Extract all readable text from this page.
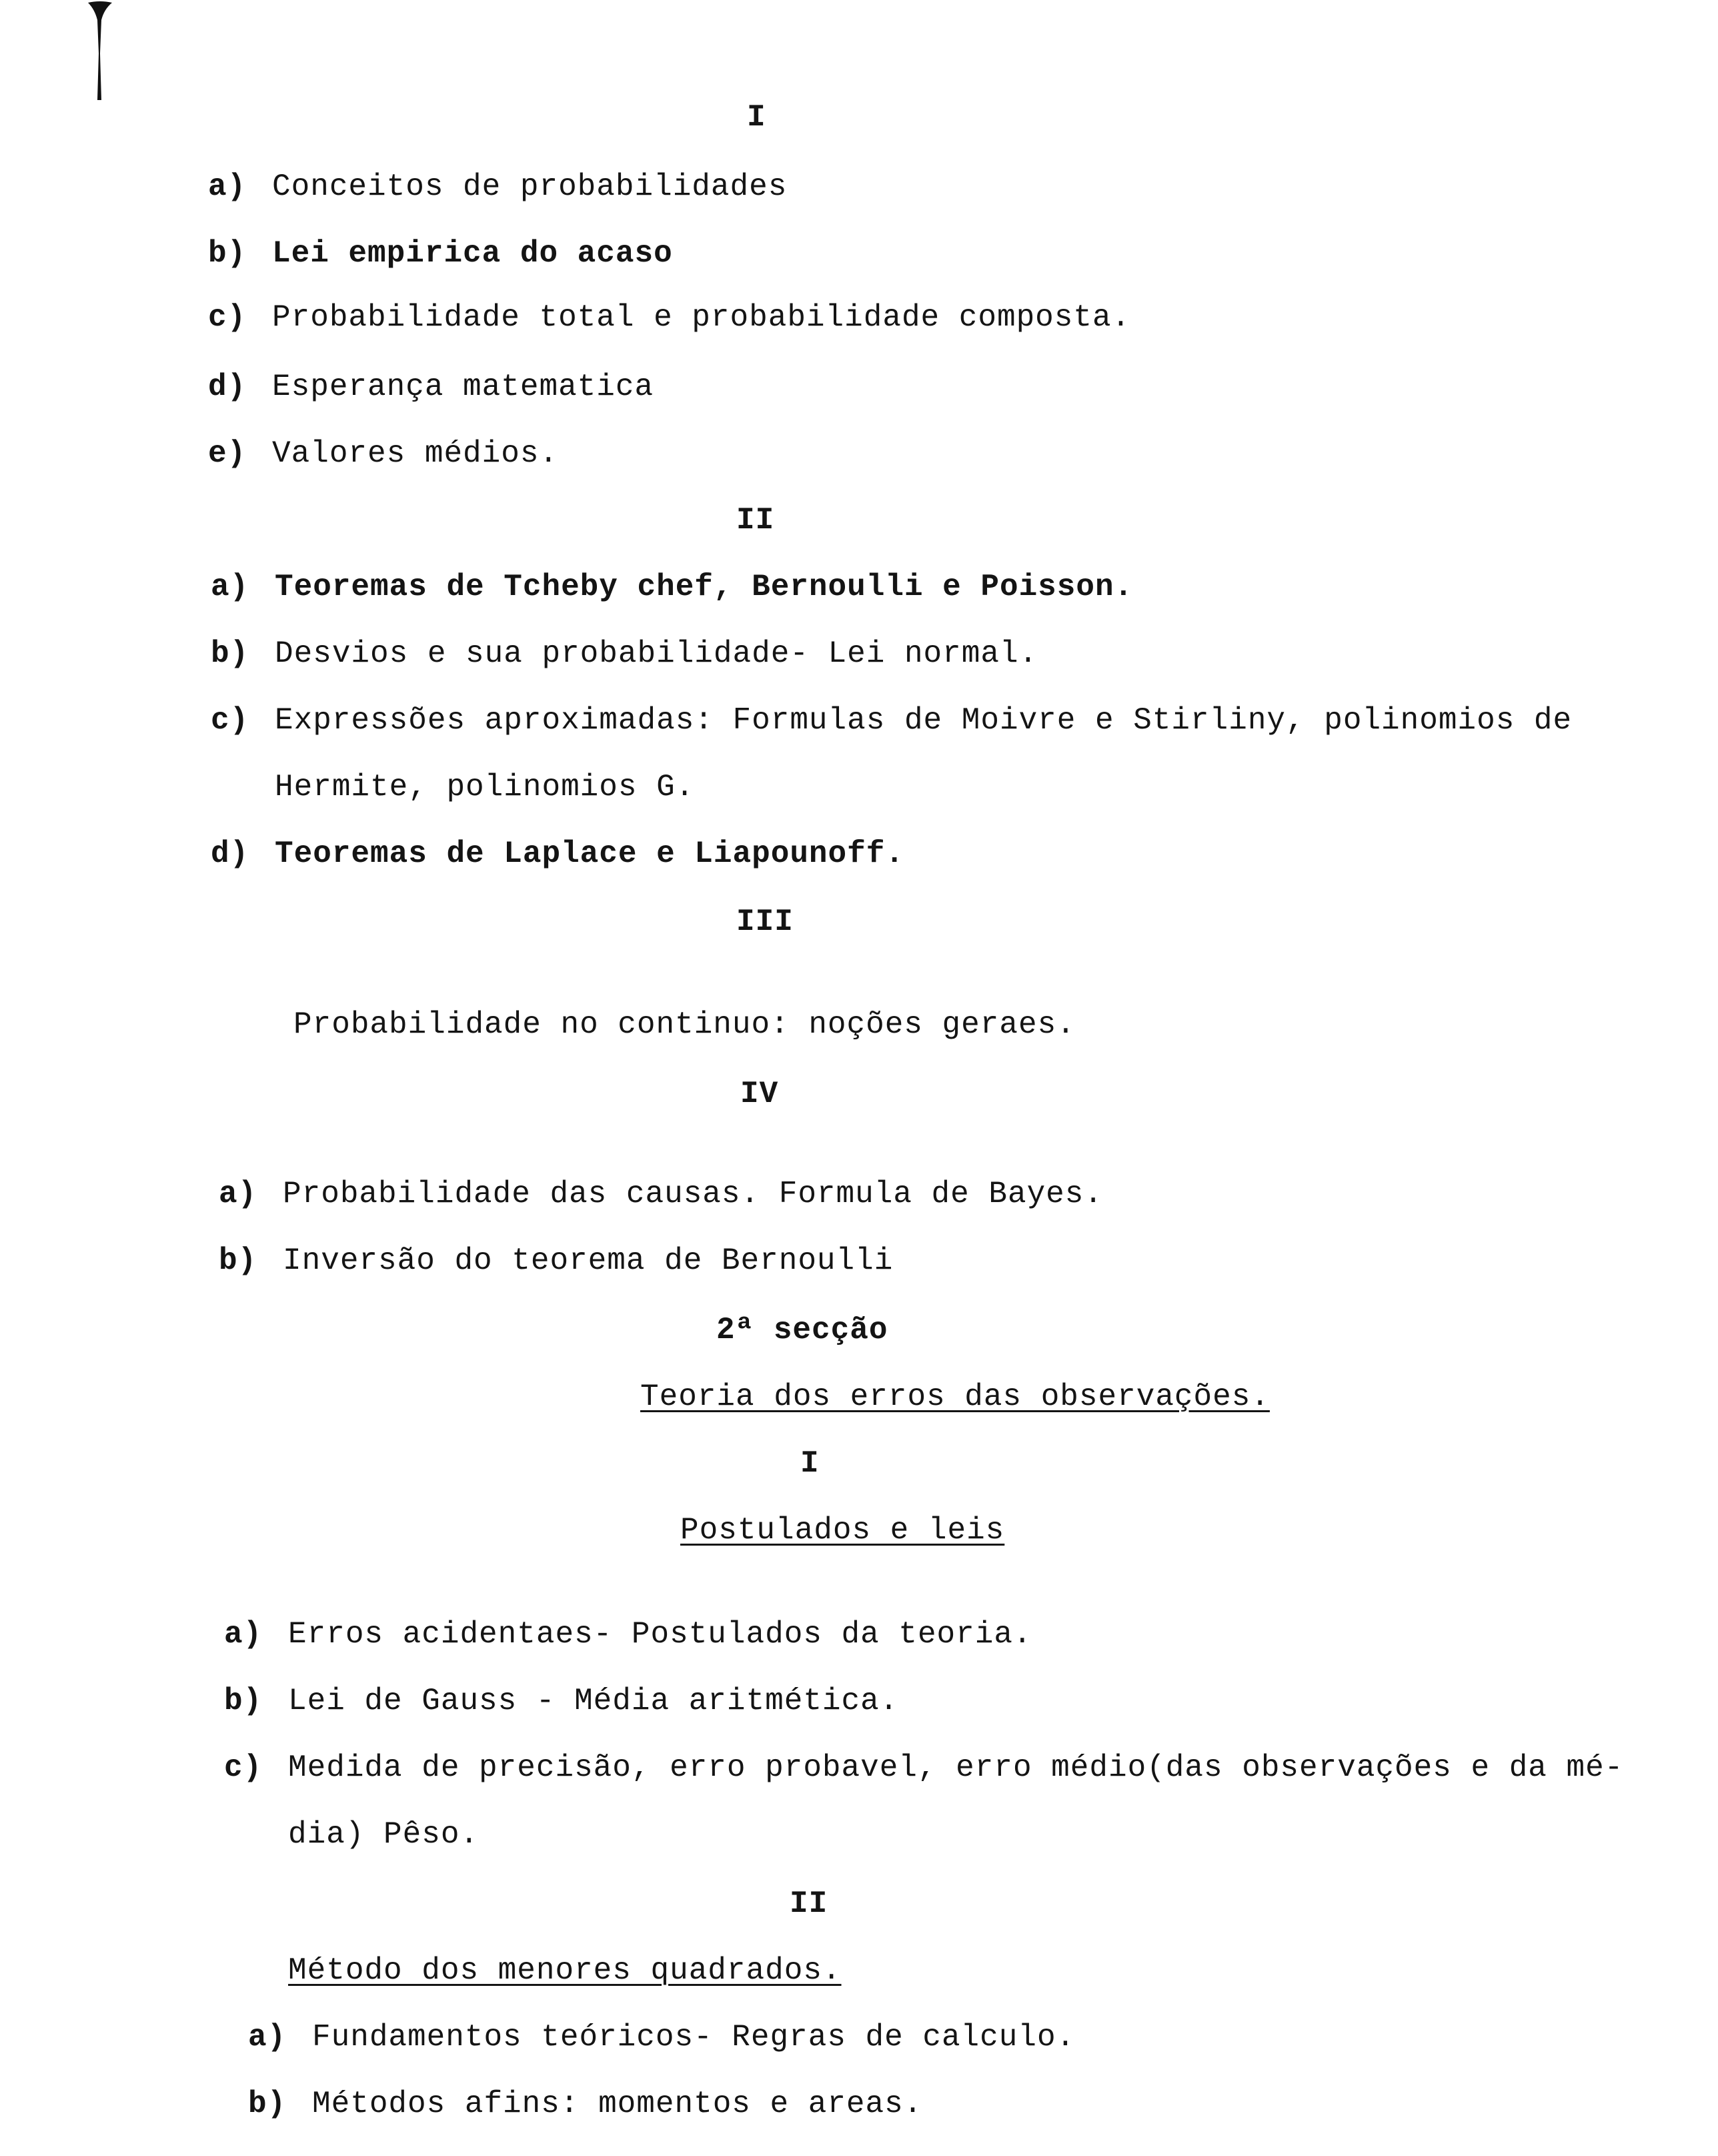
I
a) Conceitos de probabilidades
b) Lei empirica do acaso
c) Probabilidade total e probabilidade composta.
d) Esperança matematica
e) Valores médios.
II
a) Teoremas de Tcheby chef, Bernoulli e Poisson.
b) Desvios e sua probabilidade- Lei normal.
c) Expressões aproximadas: Formulas de Moivre e Stirliny, polinomios de
Hermite, polinomios G.
d) Teoremas de Laplace e Liapounoff.
III
Probabilidade no continuo: noções geraes.
IV
a) Probabilidade das causas. Formula de Bayes.
b) Inversão do teorema de Bernoulli
2ª secção
Teoria dos erros das observações.
I
Postulados e leis
a) Erros acidentaes- Postulados da teoria.
b) Lei de Gauss - Média aritmética.
c) Medida de precisão, erro probavel, erro médio(das observações e da mé-
dia) Pêso.
II
Método dos menores quadrados.
a) Fundamentos teóricos- Regras de calculo.
b) Métodos afins: momentos e areas.
